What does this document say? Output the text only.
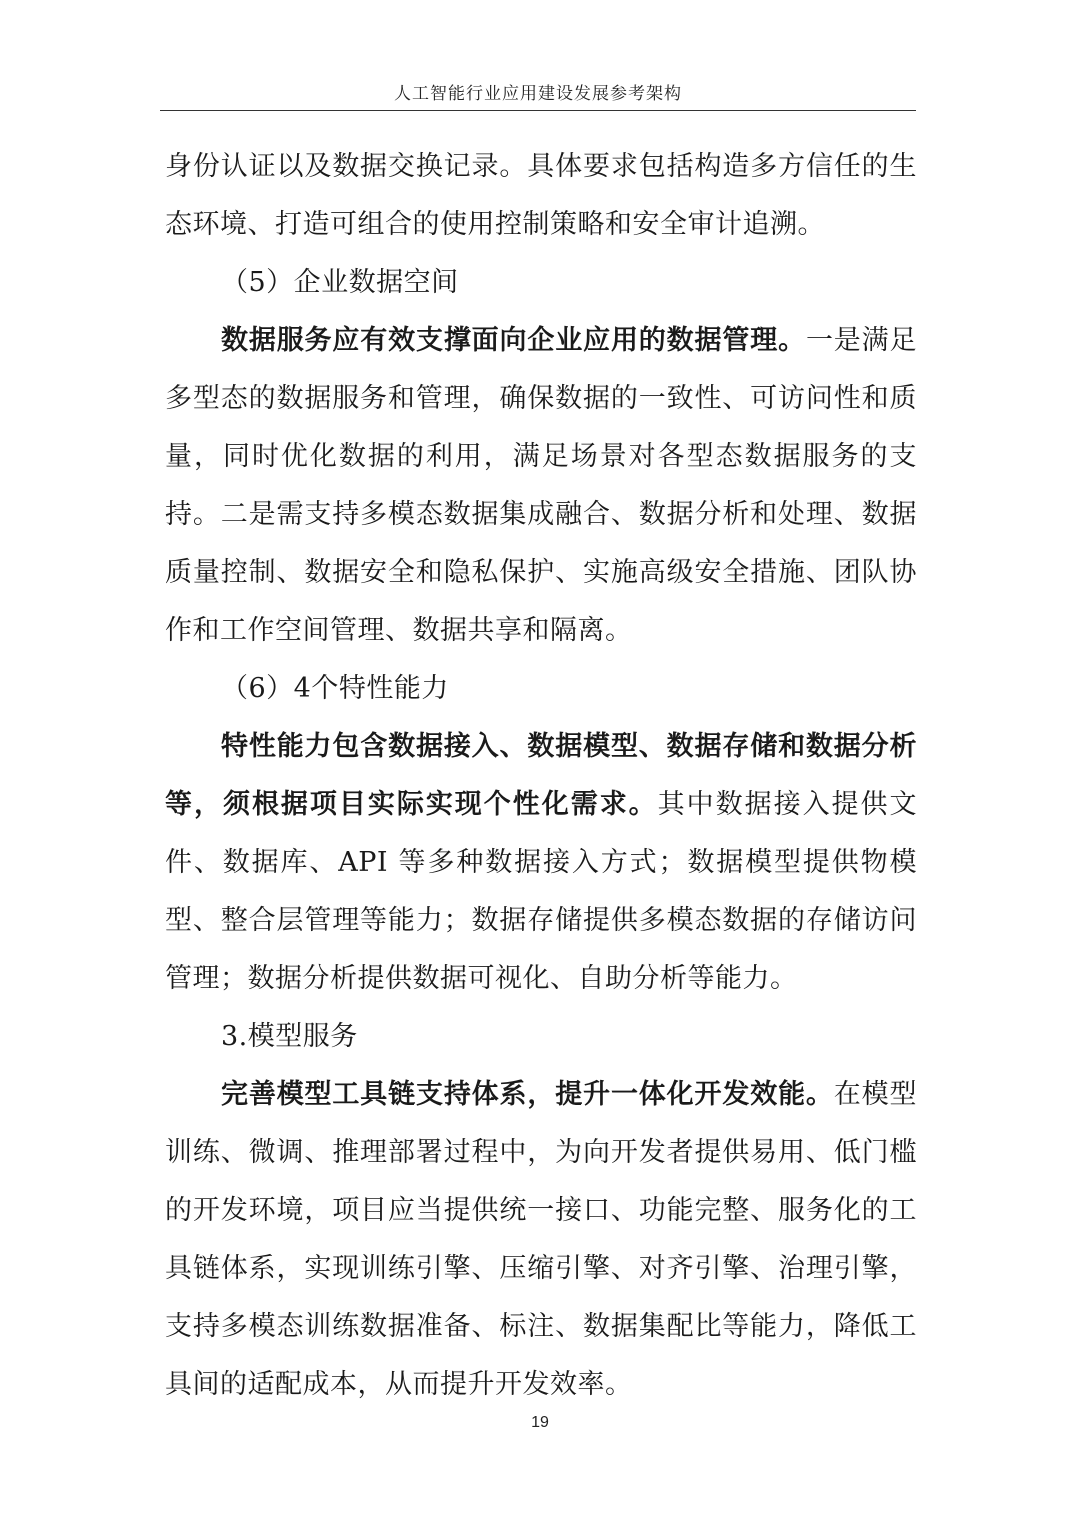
人工智能行业应用建设发展参考架构

身份认证以及数据交换记录。具体要求包括构造多方信任的生态环境、打造可组合的使用控制策略和安全审计追溯。

（5）企业数据空间

数据服务应有效支撑面向企业应用的数据管理。一是满足多型态的数据服务和管理，确保数据的一致性、可访问性和质量，同时优化数据的利用，满足场景对各型态数据服务的支持。二是需支持多模态数据集成融合、数据分析和处理、数据质量控制、数据安全和隐私保护、实施高级安全措施、团队协作和工作空间管理、数据共享和隔离。

（6）4个特性能力

特性能力包含数据接入、数据模型、数据存储和数据分析等，须根据项目实际实现个性化需求。其中数据接入提供文件、数据库、API 等多种数据接入方式；数据模型提供物模型、整合层管理等能力；数据存储提供多模态数据的存储访问管理；数据分析提供数据可视化、自助分析等能力。

3.模型服务

完善模型工具链支持体系，提升一体化开发效能。在模型训练、微调、推理部署过程中，为向开发者提供易用、低门槛的开发环境，项目应当提供统一接口、功能完整、服务化的工具链体系，实现训练引擎、压缩引擎、对齐引擎、治理引擎，支持多模态训练数据准备、标注、数据集配比等能力，降低工具间的适配成本，从而提升开发效率。

19
